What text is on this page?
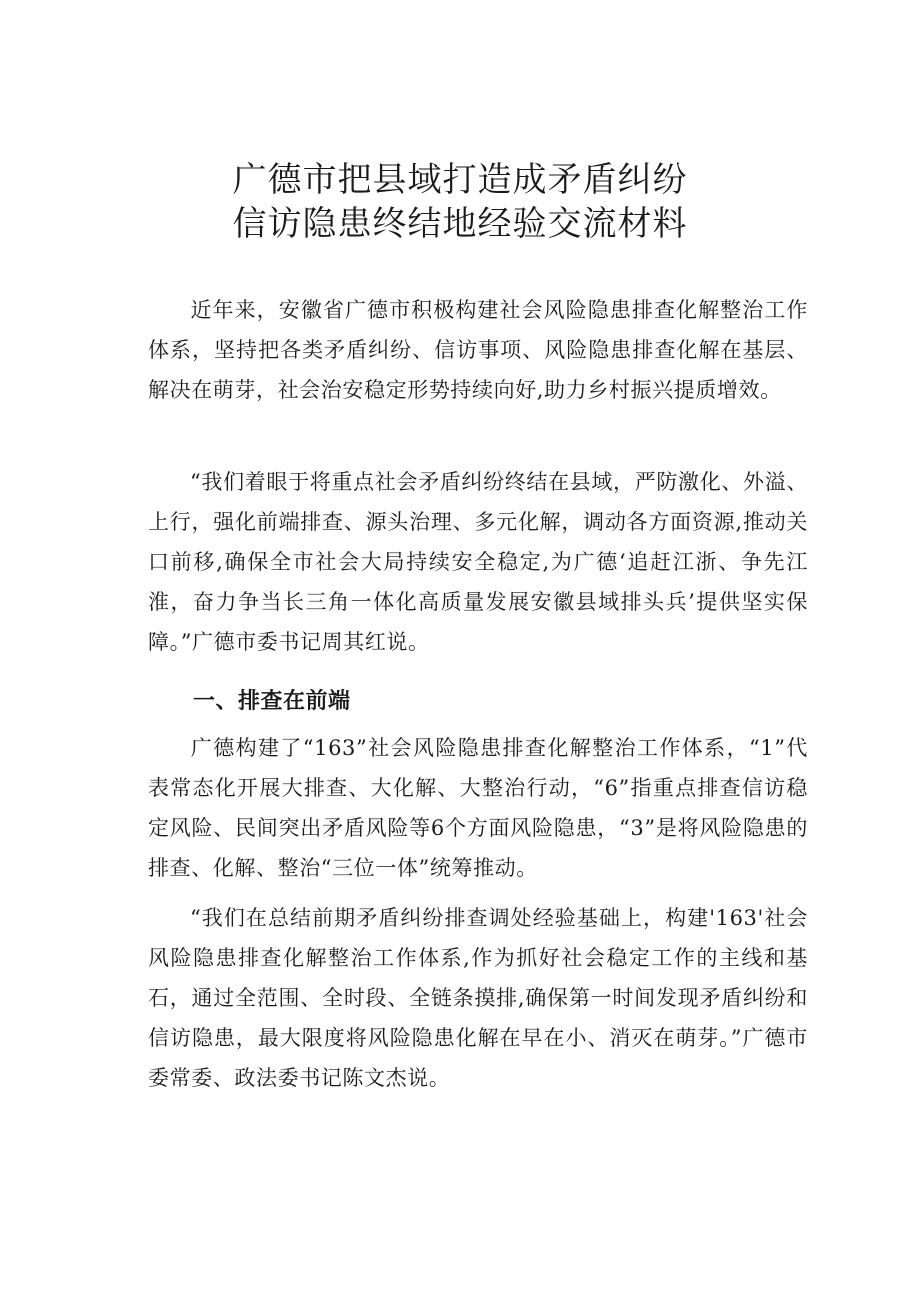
广德市把县域打造成矛盾纠纷
信访隐患终结地经验交流材料

近年来，安徽省广德市积极构建社会风险隐患排查化解整治工作体系，坚持把各类矛盾纠纷、信访事项、风险隐患排查化解在基层、解决在萌芽，社会治安稳定形势持续向好,助力乡村振兴提质增效。

“我们着眼于将重点社会矛盾纠纷终结在县域，严防激化、外溢、上行，强化前端排查、源头治理、多元化解，调动各方面资源,推动关口前移,确保全市社会大局持续安全稳定,为广德‘追赶江浙、争先江淮，奋力争当长三角一体化高质量发展安徽县域排头兵’提供坚实保障。”广德市委书记周其红说。

一、排查在前端

广德构建了“163”社会风险隐患排查化解整治工作体系，“1”代表常态化开展大排查、大化解、大整治行动，“6”指重点排查信访稳定风险、民间突出矛盾风险等6个方面风险隐患，“3”是将风险隐患的排查、化解、整治“三位一体”统筹推动。

“我们在总结前期矛盾纠纷排查调处经验基础上，构建'163'社会风险隐患排查化解整治工作体系,作为抓好社会稳定工作的主线和基石，通过全范围、全时段、全链条摸排,确保第一时间发现矛盾纠纷和信访隐患，最大限度将风险隐患化解在早在小、消灭在萌芽。”广德市委常委、政法委书记陈文杰说。
